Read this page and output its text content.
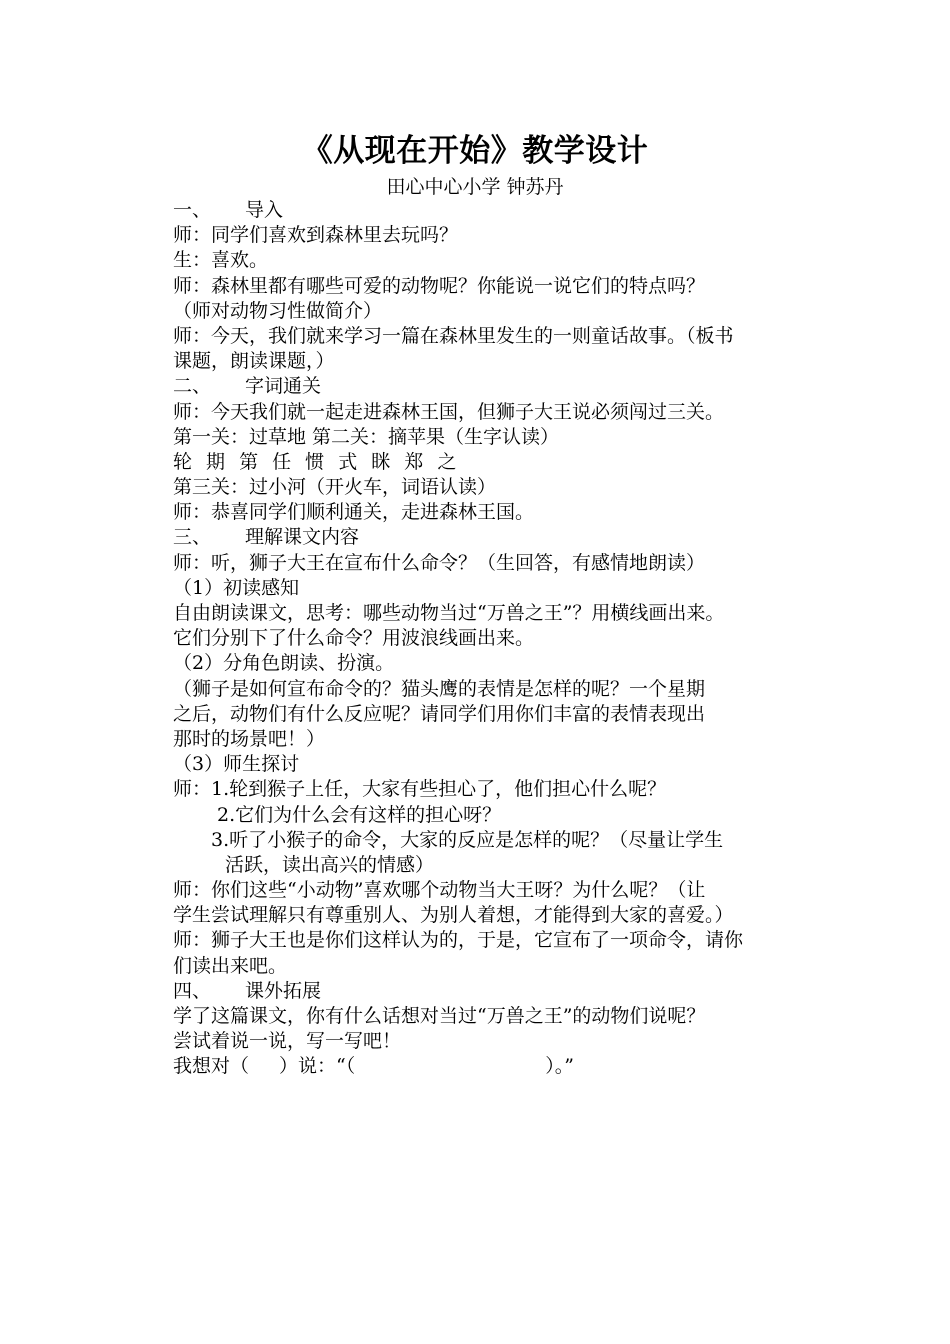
《从现在开始》教学设计
田心中心小学 钟苏丹
一、 导入
师：同学们喜欢到森林里去玩吗？
生：喜欢。
师：森林里都有哪些可爱的动物呢？你能说一说它们的特点吗？
（师对动物习性做简介）
师：今天，我们就来学习一篇在森林里发生的一则童话故事。（板书
课题，朗读课题，）
二、 字词通关
师：今天我们就一起走进森林王国，但狮子大王说必须闯过三关。
第一关：过草地 第二关：摘苹果（生字认读）
轮 期 第 任 惯 式 眯 郑 之
第三关：过小河（开火车，词语认读）
师：恭喜同学们顺利通关，走进森林王国。
三、 理解课文内容
师：听，狮子大王在宣布什么命令？（生回答，有感情地朗读）
（1）初读感知
自由朗读课文，思考：哪些动物当过“万兽之王”？用横线画出来。
它们分别下了什么命令？用波浪线画出来。
（2）分角色朗读、扮演。
（狮子是如何宣布命令的？猫头鹰的表情是怎样的呢？一个星期
之后，动物们有什么反应呢？请同学们用你们丰富的表情表现出
那时的场景吧！）
（3）师生探讨
师：1.轮到猴子上任，大家有些担心了，他们担心什么呢？
2.它们为什么会有这样的担心呀？
3.听了小猴子的命令，大家的反应是怎样的呢？（尽量让学生
活跃，读出高兴的情感）
师：你们这些“小动物”喜欢哪个动物当大王呀？为什么呢？（让
学生尝试理解只有尊重别人、为别人着想，才能得到大家的喜爱。）
师：狮子大王也是你们这样认为的，于是，它宣布了一项命令，请你
们读出来吧。
四、 课外拓展
学了这篇课文，你有什么话想对当过“万兽之王”的动物们说呢？
尝试着说一说，写一写吧！
我想对（ ）说：“（	）。”
